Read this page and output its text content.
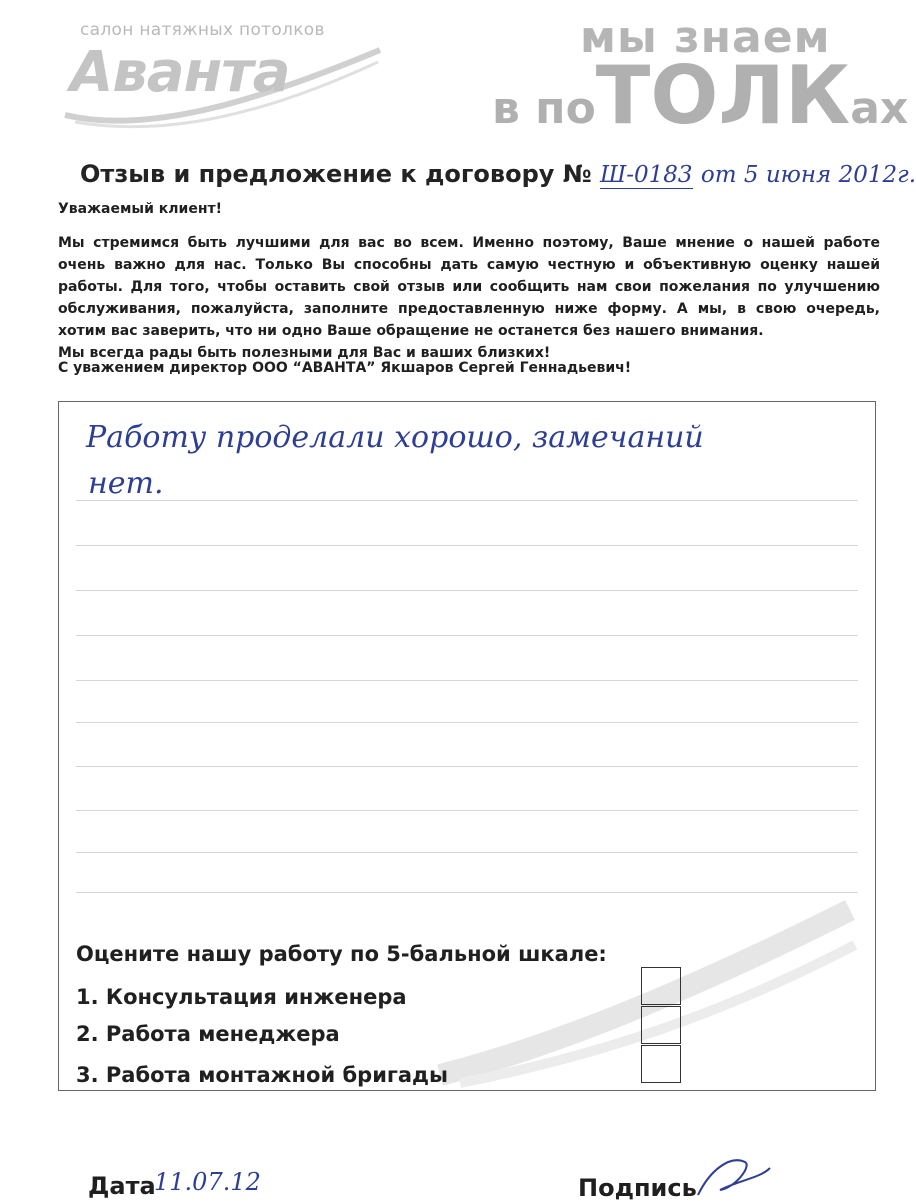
салон натяжных потолков
Аванта
мы знаем
в поТОЛКах
Отзыв и предложение к договору № Ш-0183 от 5 июня 2012г.
Уважаемый клиент!

Мы стремимся быть лучшими для вас во всем. Именно поэтому, Ваше мнение о нашей работе очень важно для нас. Только Вы способны дать самую честную и объективную оценку нашей работы. Для того, чтобы оставить свой отзыв или сообщить нам свои пожелания по улучшению обслуживания, пожалуйста, заполните предоставленную ниже форму. А мы, в свою очередь, хотим вас заверить, что ни одно Ваше обращение не останется без нашего внимания.

Мы всегда рады быть полезными для Вас и ваших близких!

С уважением директор ООО “АВАНТА” Якшаров Сергей Геннадьевич!
Работу проделали хорошо, замечаний
нет.
Оцените нашу работу по 5-бальной шкале:
1. Консультация инженера
2. Работа менеджера
3. Работа монтажной бригады
Дата
11.07.12	Подпись
